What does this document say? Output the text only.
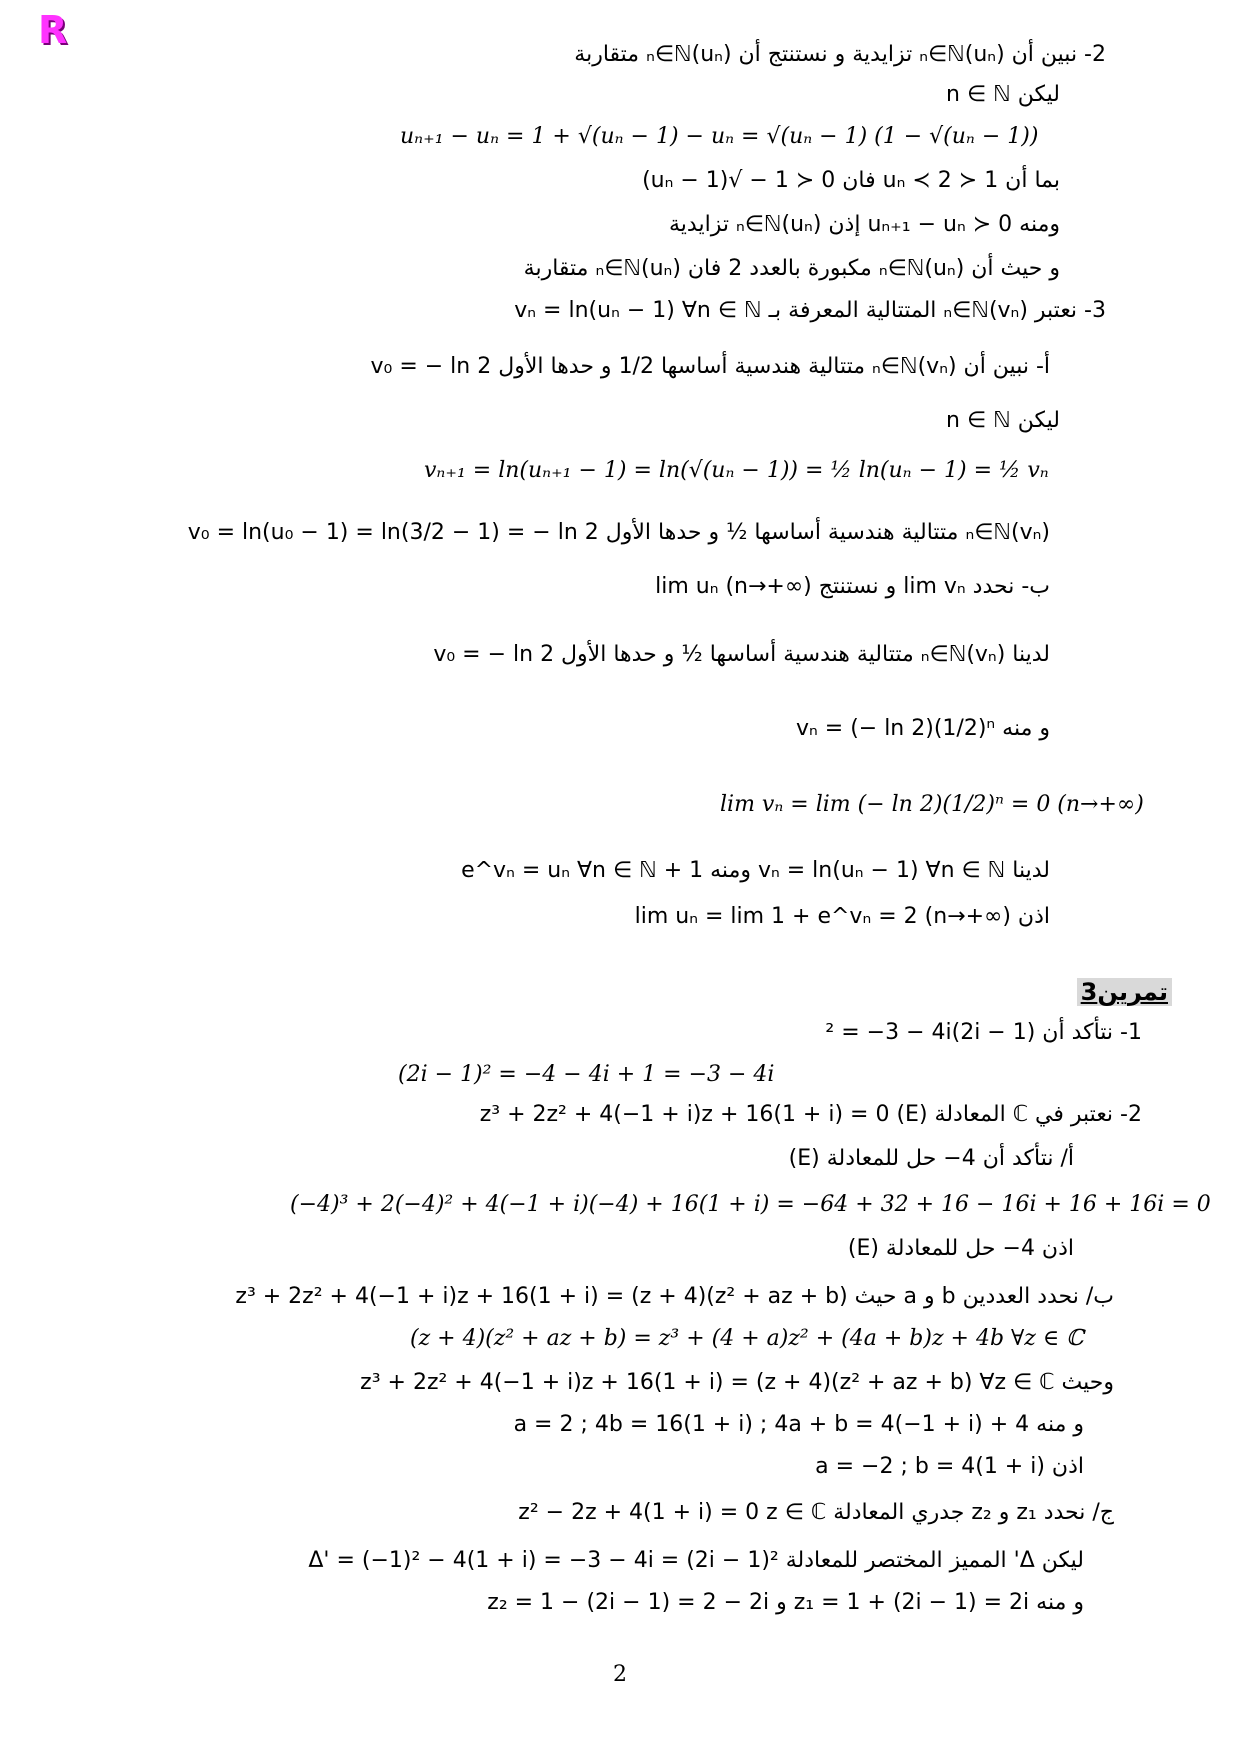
R
2- نبين أن (uₙ)ₙ∈ℕ تزايدية و نستنتج أن (uₙ)ₙ∈ℕ متقاربة
ليكن n ∈ ℕ
uₙ₊₁ − uₙ = 1 + √(uₙ − 1) − uₙ = √(uₙ − 1) (1 − √(uₙ − 1))
بما أن 1 ≺ uₙ ≺ 2 فان 0 ≺ 1 − √(uₙ − 1)
ومنه uₙ₊₁ − uₙ ≻ 0 إذن (uₙ)ₙ∈ℕ تزايدية
و حيث أن (uₙ)ₙ∈ℕ مكبورة بالعدد 2 فان (uₙ)ₙ∈ℕ متقاربة
3- نعتبر (vₙ)ₙ∈ℕ المتتالية المعرفة بـ vₙ = ln(uₙ − 1) ∀n ∈ ℕ
أ- نبين أن (vₙ)ₙ∈ℕ متتالية هندسية أساسها 1/2 و حدها الأول v₀ = − ln 2
ليكن n ∈ ℕ
vₙ₊₁ = ln(uₙ₊₁ − 1) = ln(√(uₙ − 1)) = ½ ln(uₙ − 1) = ½ vₙ
(vₙ)ₙ∈ℕ متتالية هندسية أساسها ½ و حدها الأول v₀ = ln(u₀ − 1) = ln(3/2 − 1) = − ln 2
ب- نحدد lim vₙ و نستنتج lim uₙ (n→+∞)
لدينا (vₙ)ₙ∈ℕ متتالية هندسية أساسها ½ و حدها الأول v₀ = − ln 2
و منه vₙ = (− ln 2)(1/2)ⁿ
lim vₙ = lim (− ln 2)(1/2)ⁿ = 0 (n→+∞)
لدينا vₙ = ln(uₙ − 1) ∀n ∈ ℕ ومنه 1 + e^vₙ = uₙ ∀n ∈ ℕ
اذن lim uₙ = lim 1 + e^vₙ = 2 (n→+∞)
تمرين3
1- نتأكد أن (2i − 1)² = −3 − 4i
(2i − 1)² = −4 − 4i + 1 = −3 − 4i
2- نعتبر في ℂ المعادلة z³ + 2z² + 4(−1 + i)z + 16(1 + i) = 0 (E)
أ/ نتأكد أن 4− حل للمعادلة (E)
(−4)³ + 2(−4)² + 4(−1 + i)(−4) + 16(1 + i) = −64 + 32 + 16 − 16i + 16 + 16i = 0
اذن 4− حل للمعادلة (E)
ب/ نحدد العددين b و a حيث z³ + 2z² + 4(−1 + i)z + 16(1 + i) = (z + 4)(z² + az + b)
(z + 4)(z² + az + b) = z³ + (4 + a)z² + (4a + b)z + 4b ∀z ∈ ℂ
وحيث z³ + 2z² + 4(−1 + i)z + 16(1 + i) = (z + 4)(z² + az + b) ∀z ∈ ℂ
و منه 4 + a = 2 ; 4b = 16(1 + i) ; 4a + b = 4(−1 + i)
اذن a = −2 ; b = 4(1 + i)
ج/ نحدد z₁ و z₂ جدري المعادلة z² − 2z + 4(1 + i) = 0 z ∈ ℂ
ليكن Δ' المميز المختصر للمعادلة Δ' = (−1)² − 4(1 + i) = −3 − 4i = (2i − 1)²
و منه z₁ = 1 + (2i − 1) = 2i و z₂ = 1 − (2i − 1) = 2 − 2i
2
